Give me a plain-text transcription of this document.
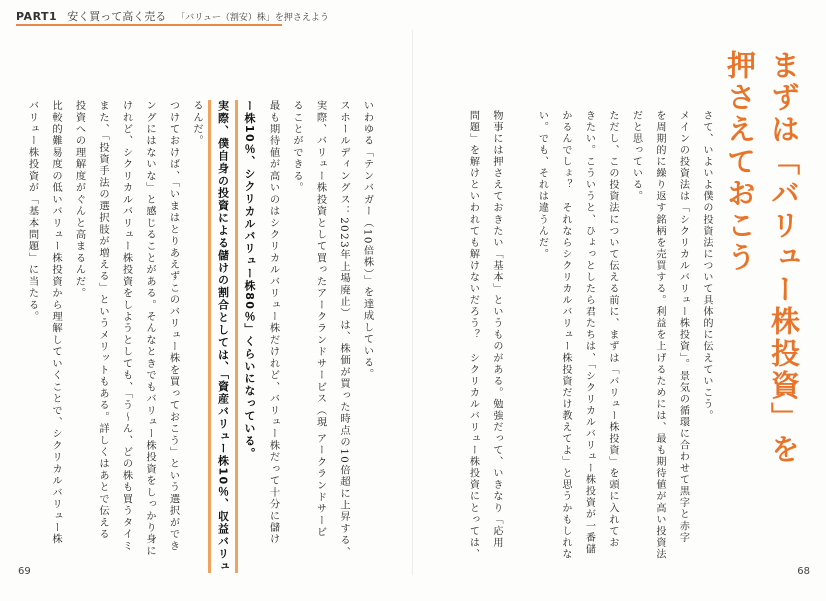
PART1 安く買って高く売る 「バリュー（割安）株」を押さえよう
まずは「バリュー株投資」を
押さえておこう
さて、いよいよ僕の投資法について具体的に伝えていこう。
メインの投資法は「シクリカルバリュー株投資」。景気の循環に合わせて黒字と赤字
を周期的に繰り返す銘柄を売買する。利益を上げるためには、最も期待値が高い投資法
だと思っている。
ただし、この投資法について伝える前に、まずは「バリュー株投資」を頭に入れてお
きたい。こういうと、ひょっとしたら君たちは、「シクリカルバリュー株投資が一番儲
かるんでしょ？　それならシクリカルバリュー株投資だけ教えてよ」と思うかもしれな
い。でも、それは違うんだ。
物事には押さえておきたい「基本」というものがある。勉強だって、いきなり「応用
問題」を解けといわれても解けないだろう？　シクリカルバリュー株投資にとっては、
いわゆる「テンバガー（10倍株）」を達成している。
スホールディングス：2023年上場廃止）は、株価が買った時点の10倍超に上昇する、
実際、バリュー株投資として買ったアークランドサービス（現 アークランドサービ
ることができる。
最も期待値が高いのはシクリカルバリュー株だけれど、バリュー株だって十分に儲け
ー株10％、シクリカルバリュー株80％」くらいになっている。
実際、僕自身の投資による儲けの割合としては、「資産バリュー株10％、収益バリュ
るんだ。
つけておけば、「いまはとりあえずこのバリュー株を買っておこう」という選択ができ
ングにはないな」と感じることがある。そんなときでもバリュー株投資をしっかり身に
けれど、シクリカルバリュー株投資をしようとしても、「う〜ん、どの株も買うタイミ
また、「投資手法の選択肢が増える」というメリットもある。詳しくはあとで伝える
投資への理解度がぐんと高まるんだ。
比較的難易度の低いバリュー株投資から理解していくことで、シクリカルバリュー株
バリュー株投資が「基本問題」に当たる。
69	68
